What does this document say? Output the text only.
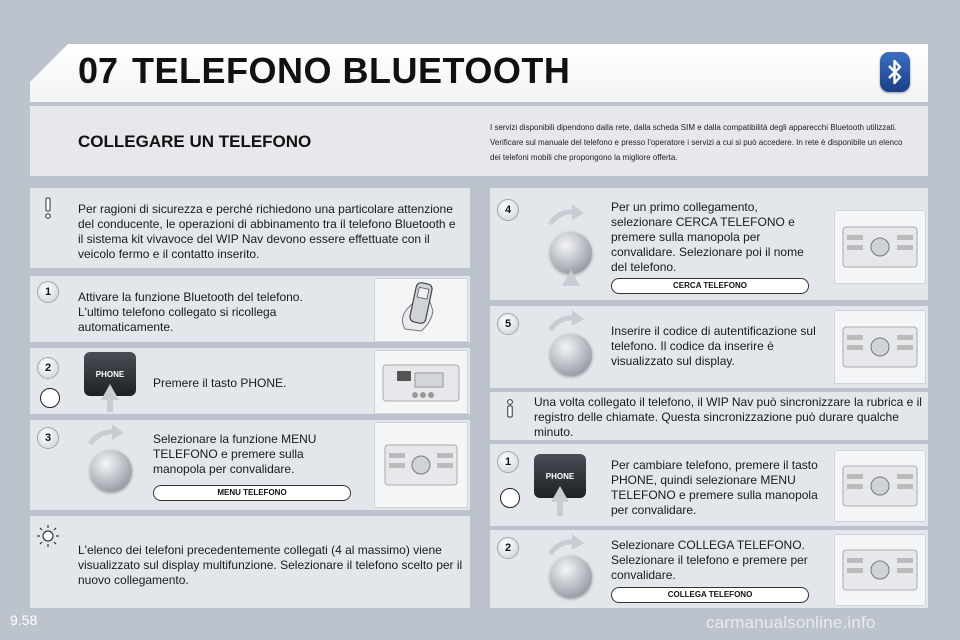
07 TELEFONO BLUETOOTH
COLLEGARE UN TELEFONO
I servizi disponibili dipendono dalla rete, dalla scheda SIM e dalla compatibilità degli apparecchi Bluetooth utilizzati. Verificare sul manuale del telefono e presso l'operatore i servizi a cui si può accedere. In rete è disponibile un elenco dei telefoni mobili che propongono la migliore offerta.
Per ragioni di sicurezza e perché richiedono una particolare attenzione del conducente, le operazioni di abbinamento tra il telefono Bluetooth e il sistema kit vivavoce del WIP Nav devono essere effettuate con il veicolo fermo e il contatto inserito.
1	Attivare la funzione Bluetooth del telefono. L'ultimo telefono collegato si ricollega automaticamente.
2	PHONE
Premere il tasto PHONE.
3	Selezionare la funzione MENU TELEFONO e premere sulla manopola per convalidare.
MENU TELEFONO
L'elenco dei telefoni precedentemente collegati (4 al massimo) viene visualizzato sul display multifunzione. Selezionare il telefono scelto per il nuovo collegamento.
4	Per un primo collegamento, selezionare CERCA TELEFONO e premere sulla manopola per convalidare. Selezionare poi il nome del telefono.
CERCA TELEFONO
5	Inserire il codice di autentificazione sul telefono. Il codice da inserire è visualizzato sul display.
Una volta collegato il telefono, il WIP Nav può sincronizzare la rubrica e il registro delle chiamate. Questa sincronizzazione può durare qualche minuto.
1
PHONE
Per cambiare telefono, premere il tasto PHONE, quindi selezionare MENU TELEFONO e premere sulla manopola per convalidare.
2	Selezionare COLLEGA TELEFONO. Selezionare il telefono e premere per convalidare.
COLLEGA TELEFONO
9.58	carmanualsonline.info
